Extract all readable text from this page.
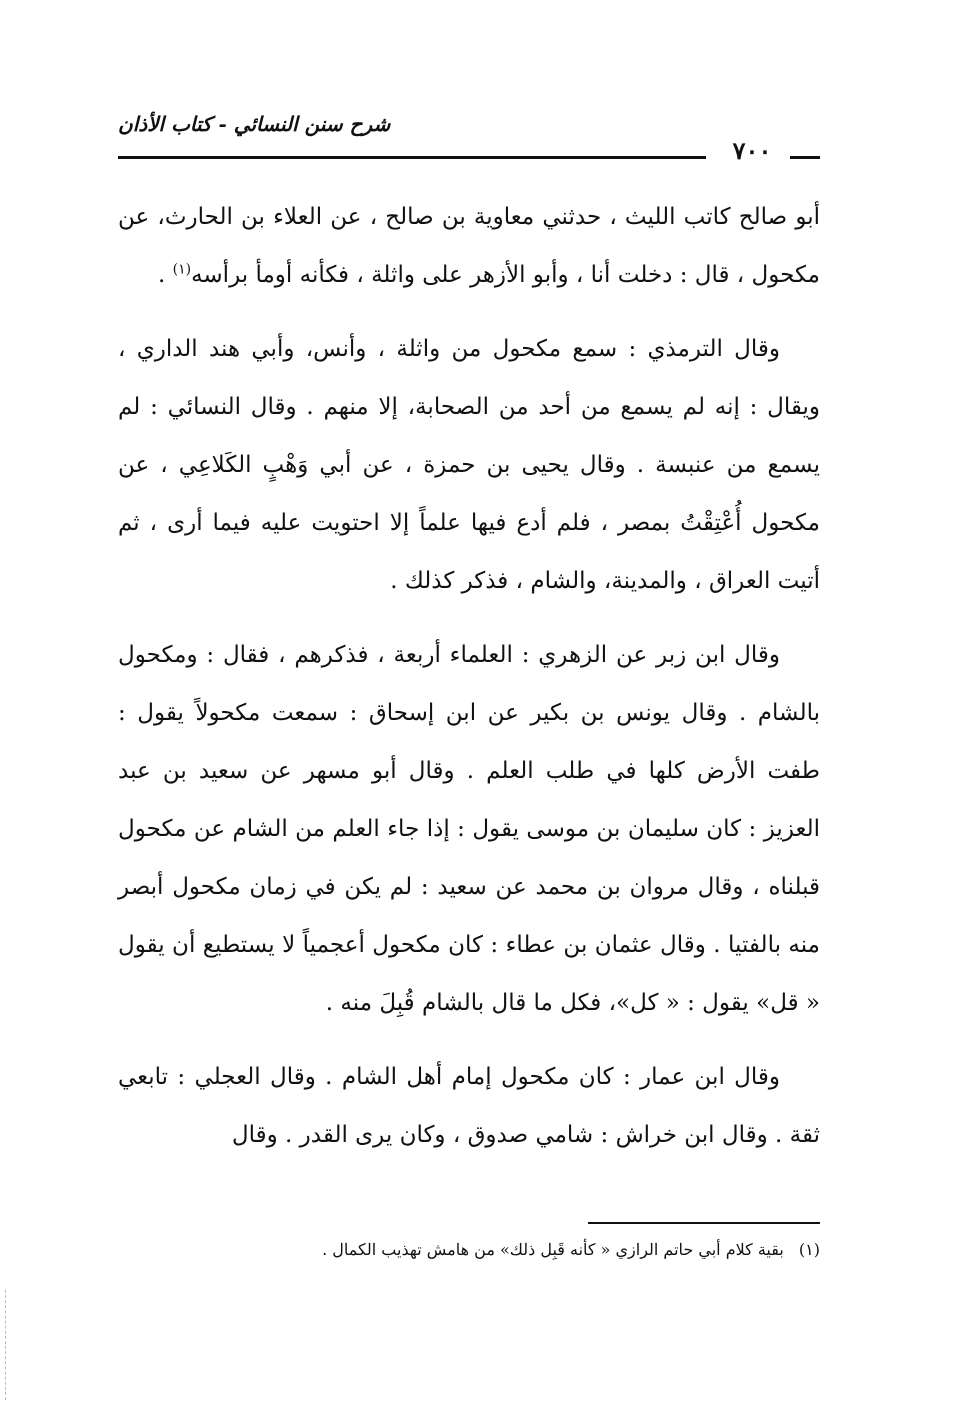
شرح سنن النسائي - كتاب الأذان
٧٠٠

أبو صالح كاتب الليث ، حدثني معاوية بن صالح ، عن العلاء بن الحارث، عن مكحول ، قال : دخلت أنا ، وأبو الأزهر على واثلة ، فكأنه أومأ برأسه$^{(١)}$ .

وقال الترمذي : سمع مكحول من واثلة ، وأنس، وأبي هند الداري ، ويقال : إنه لم يسمع من أحد من الصحابة، إلا منهم . وقال النسائي : لم يسمع من عنبسة . وقال يحيى بن حمزة ، عن أبي وَهْبٍ الكَلاعِي ، عن مكحول أُعْتِقْتُ بمصر ، فلم أدع فيها علماً إلا احتويت عليه فيما أرى ، ثم أتيت العراق ، والمدينة، والشام ، فذكر كذلك .

وقال ابن زبر عن الزهري : العلماء أربعة ، فذكرهم ، فقال : ومكحول بالشام . وقال يونس بن بكير عن ابن إسحاق : سمعت مكحولاً يقول : طفت الأرض كلها في طلب العلم . وقال أبو مسهر عن سعيد بن عبد العزيز : كان سليمان بن موسى يقول : إذا جاء العلم من الشام عن مكحول قبلناه ، وقال مروان بن محمد عن سعيد : لم يكن في زمان مكحول أبصر منه بالفتيا . وقال عثمان بن عطاء : كان مكحول أعجمياً لا يستطيع أن يقول « قل» يقول : « كل»، فكل ما قال بالشام قُبِلَ منه .

وقال ابن عمار : كان مكحول إمام أهل الشام . وقال العجلي : تابعي ثقة . وقال ابن خراش : شامي صدوق ، وكان يرى القدر . وقال

(١) بقية كلام أبي حاتم الرازي « كأنه قَبِل ذلك» من هامش تهذيب الكمال .
